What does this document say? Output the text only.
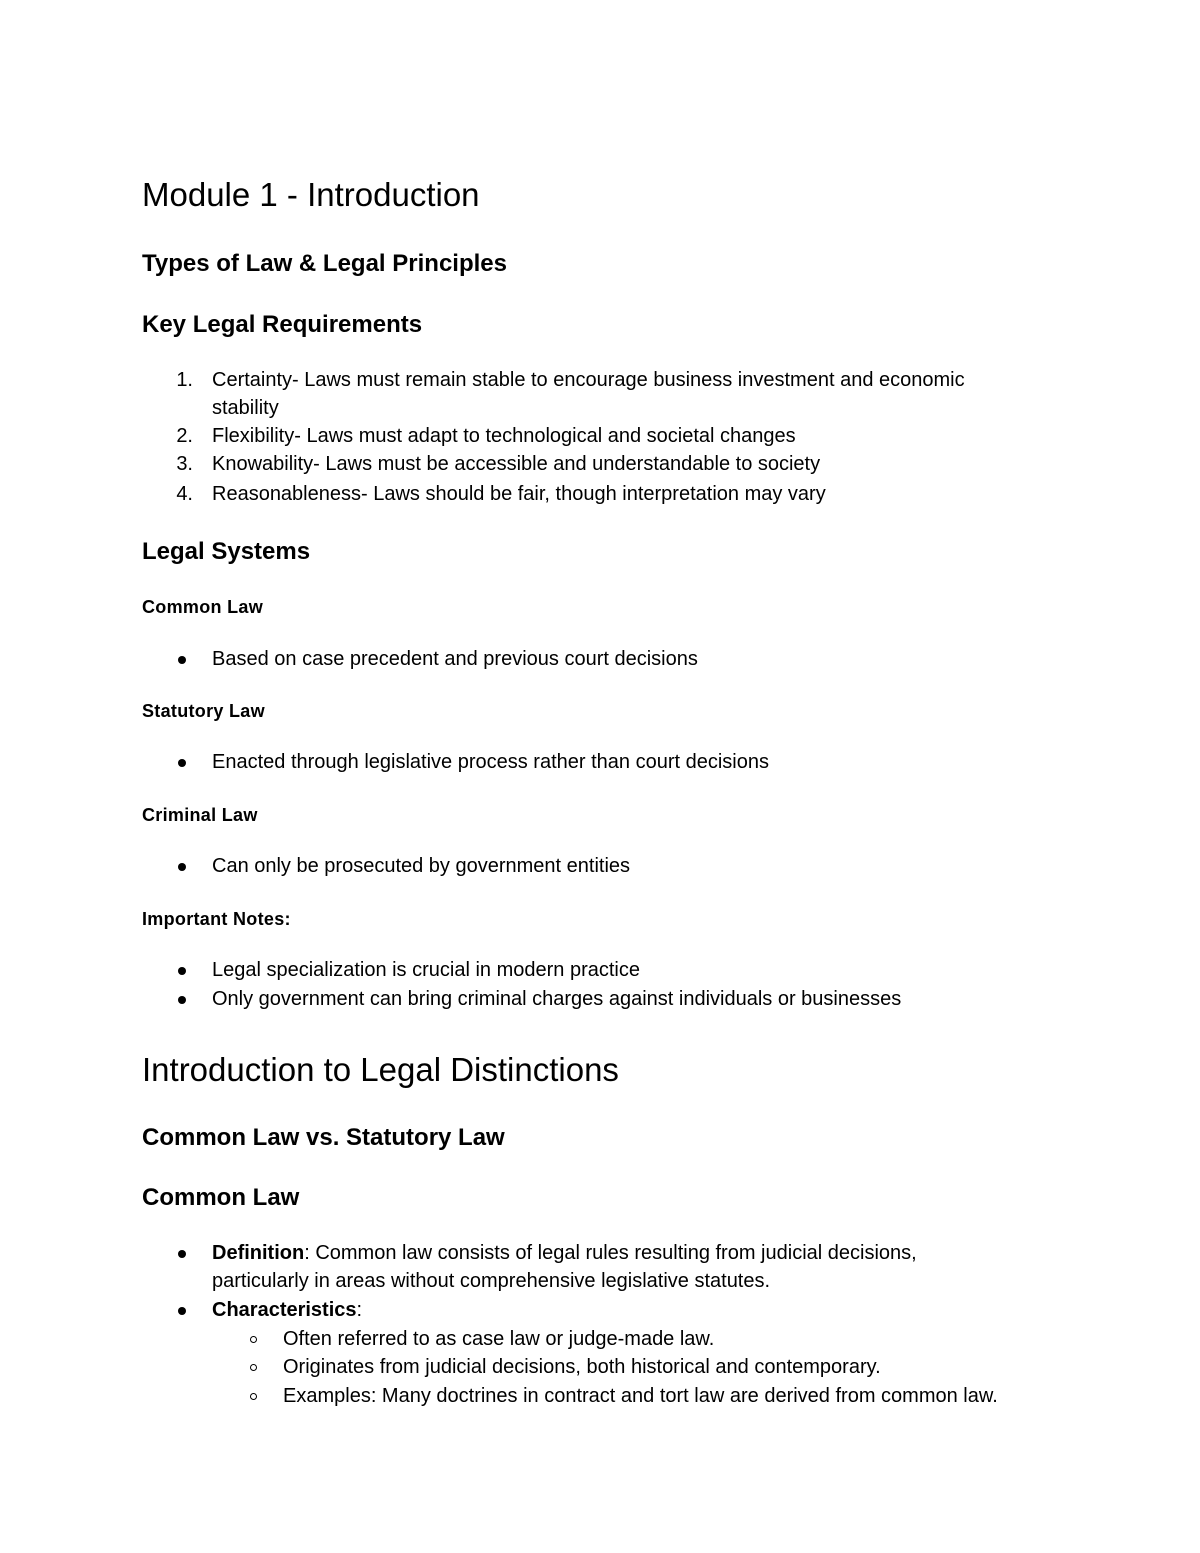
Module 1 - Introduction
Types of Law & Legal Principles
Key Legal Requirements
1. Certainty- Laws must remain stable to encourage business investment and economic
stability
2. Flexibility- Laws must adapt to technological and societal changes
3. Knowability- Laws must be accessible and understandable to society
4. Reasonableness- Laws should be fair, though interpretation may vary
Legal Systems
Common Law
Based on case precedent and previous court decisions
Statutory Law
Enacted through legislative process rather than court decisions
Criminal Law
Can only be prosecuted by government entities
Important Notes:
Legal specialization is crucial in modern practice
Only government can bring criminal charges against individuals or businesses
Introduction to Legal Distinctions
Common Law vs. Statutory Law
Common Law
Definition: Common law consists of legal rules resulting from judicial decisions,
particularly in areas without comprehensive legislative statutes.
Characteristics:
Often referred to as case law or judge-made law.
Originates from judicial decisions, both historical and contemporary.
Examples: Many doctrines in contract and tort law are derived from common law.
